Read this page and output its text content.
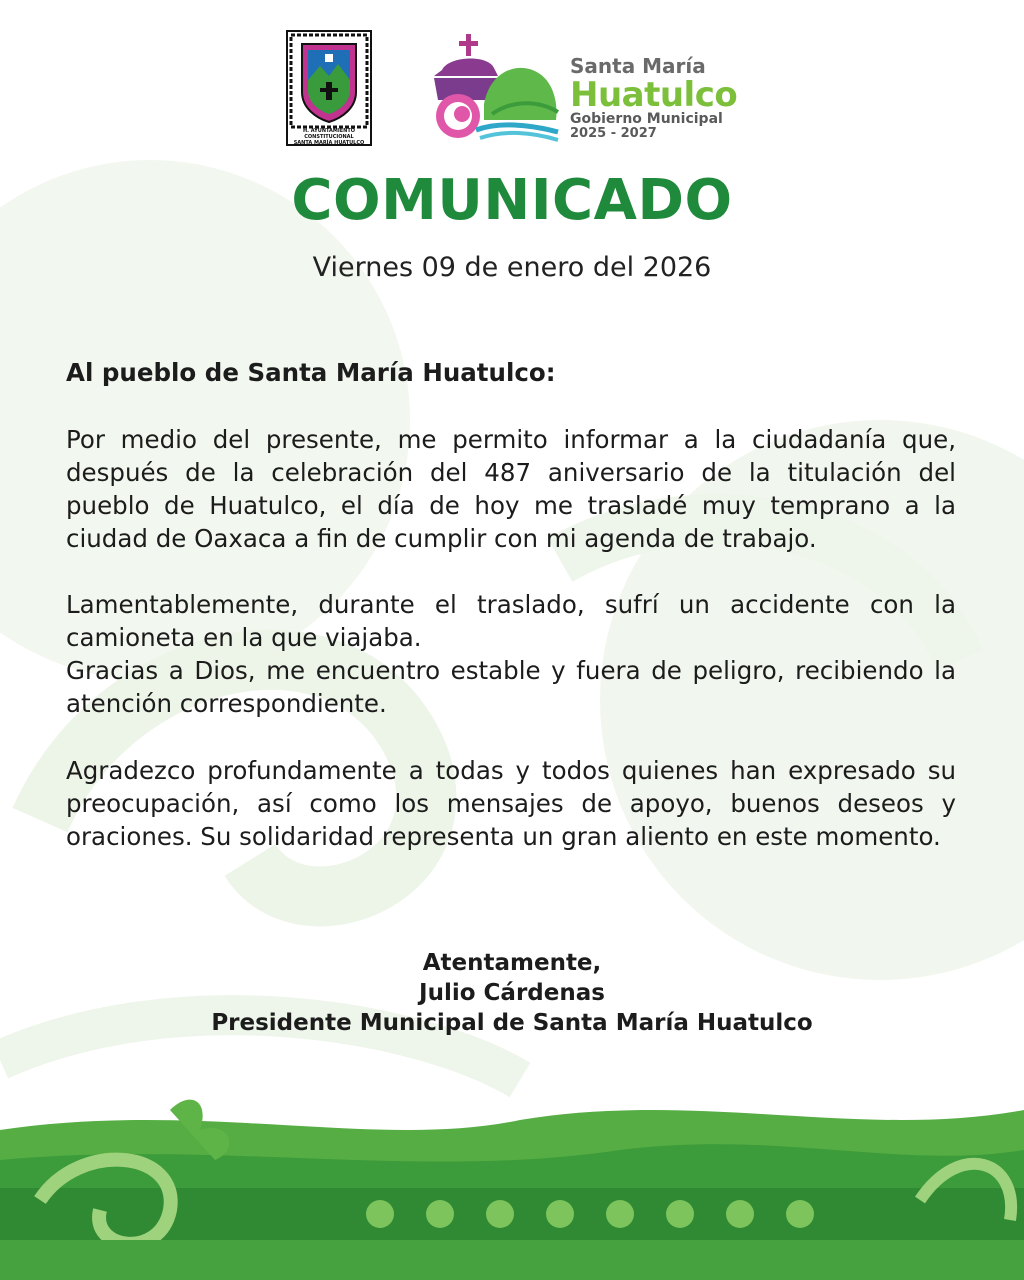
H. AYUNTAMIENTO CONSTITUCIONAL
SANTA MARÍA HUATULCO
Santa María
Huatulco
Gobierno Municipal
2025 - 2027
COMUNICADO
Viernes 09 de enero del 2026
Al pueblo de Santa María Huatulco:
Por medio del presente, me permito informar a la ciudadanía que, después de la celebración del 487 aniversario de la titulación del pueblo de Huatulco, el día de hoy me trasladé muy temprano a la ciudad de Oaxaca a fin de cumplir con mi agenda de trabajo.
Lamentablemente, durante el traslado, sufrí un accidente con la camioneta en la que viajaba.
Gracias a Dios, me encuentro estable y fuera de peligro, recibiendo la atención correspondiente.
Agradezco profundamente a todas y todos quienes han expresado su preocupación, así como los mensajes de apoyo, buenos deseos y oraciones. Su solidaridad representa un gran aliento en este momento.
Atentamente,
Julio Cárdenas
Presidente Municipal de Santa María Huatulco
